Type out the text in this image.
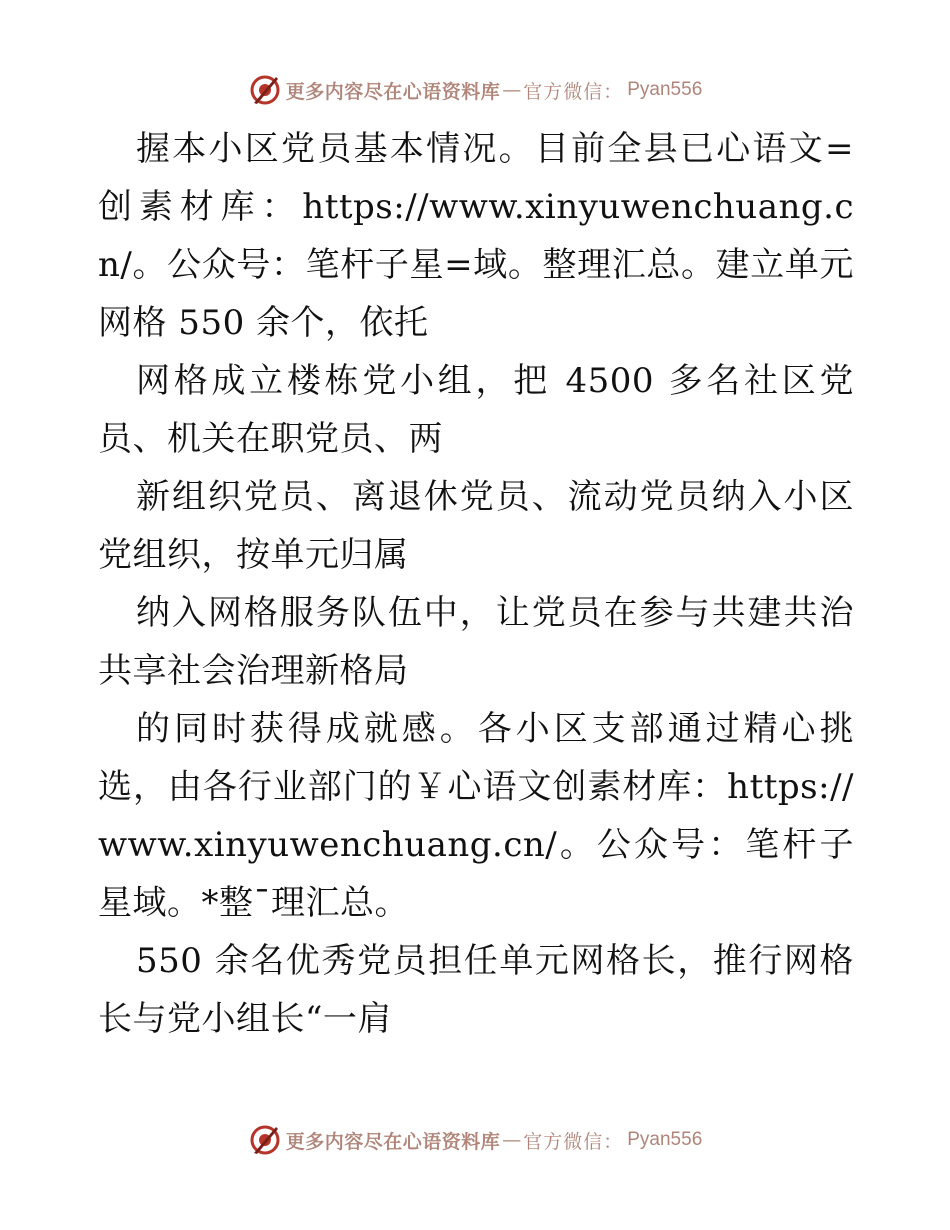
更多内容尽在心语资料库 — 官方微信： Pyan556

握本小区党员基本情况。目前全县已心语文=创素材库：https://www.xinyuwenchuang.cn/。公众号：笔杆子星=域。整理汇总。建立单元网格 550 余个，依托

网格成立楼栋党小组，把 4500 多名社区党员、机关在职党员、两

新组织党员、离退休党员、流动党员纳入小区党组织，按单元归属

纳入网格服务队伍中，让党员在参与共建共治共享社会治理新格局

的同时获得成就感。各小区支部通过精心挑选，由各行业部门的￥心语文创素材库：https://www.xinyuwenchuang.cn/。公众号：笔杆子星域。*整¯理汇总。

550 余名优秀党员担任单元网格长，推行网格长与党小组长“一肩

更多内容尽在心语资料库 — 官方微信： Pyan556
